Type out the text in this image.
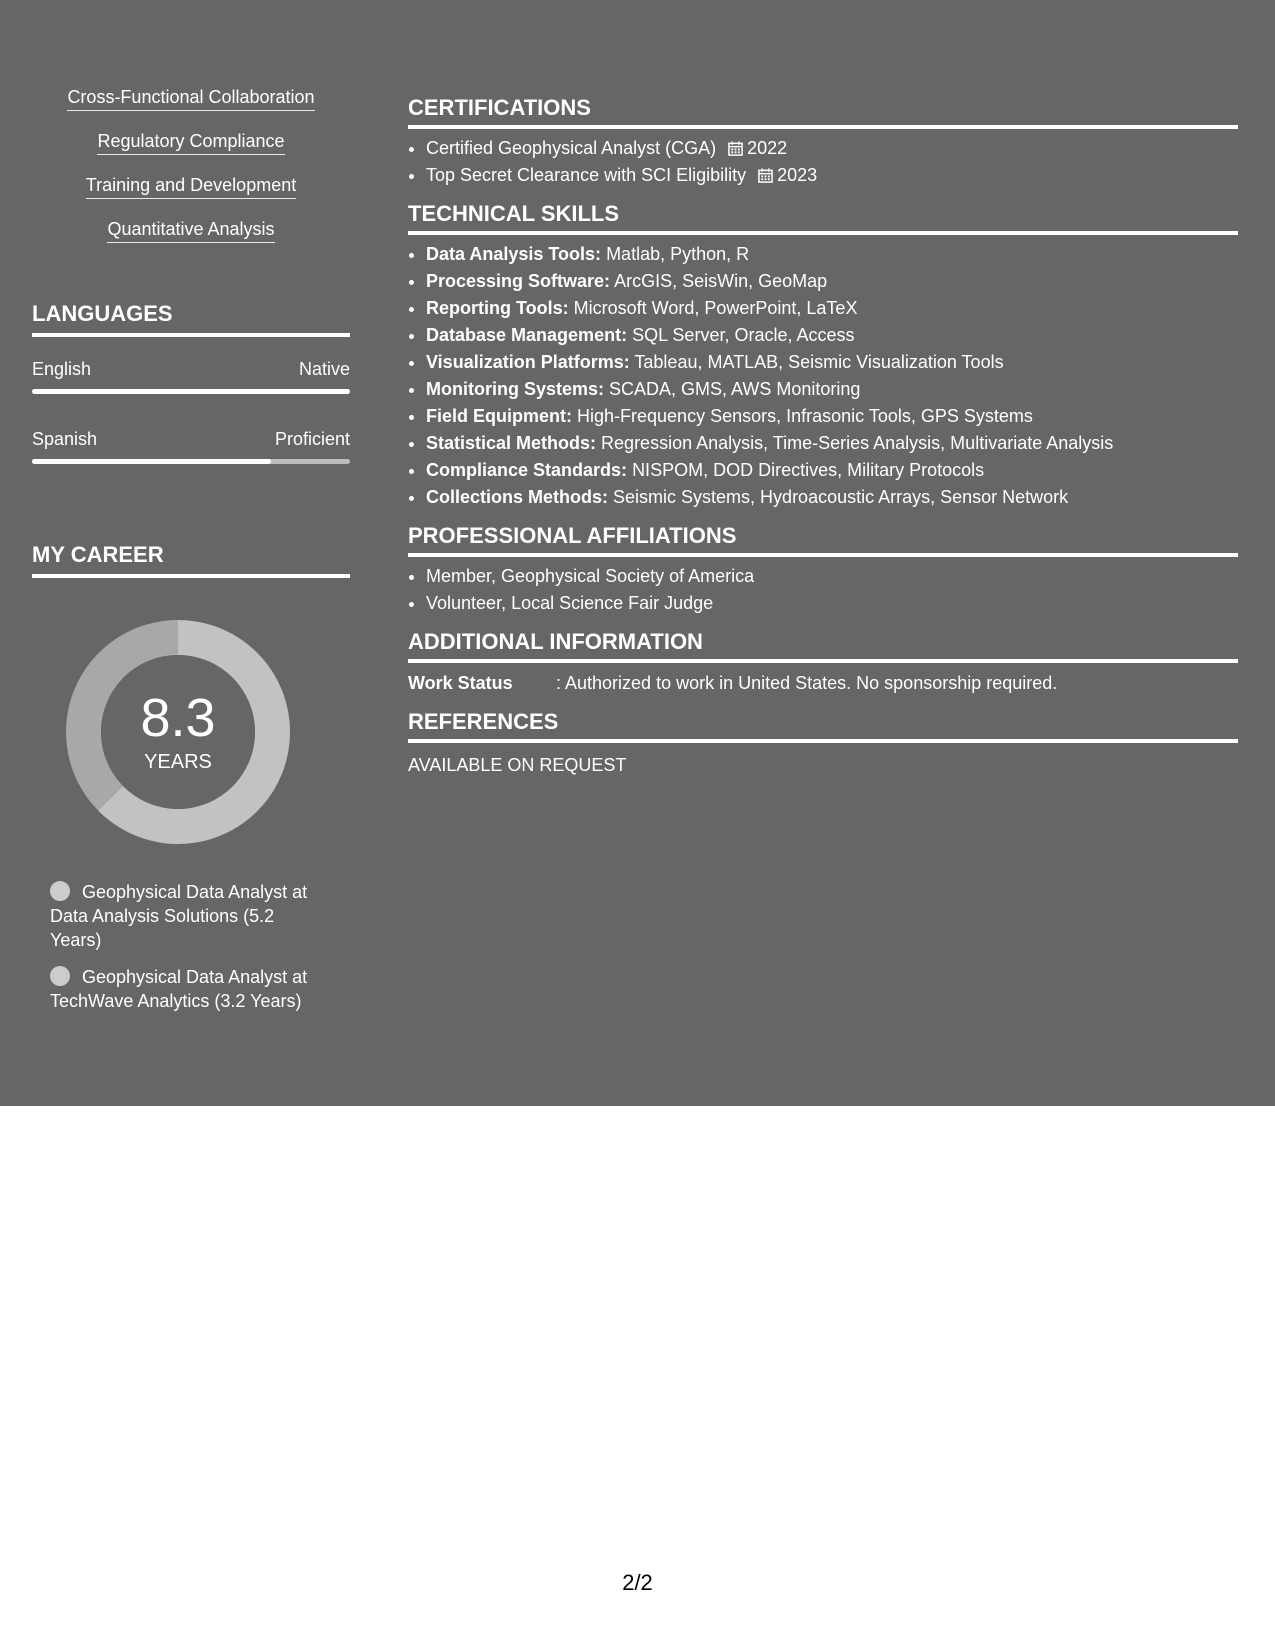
Cross-Functional Collaboration
Regulatory Compliance
Training and Development
Quantitative Analysis
LANGUAGES
English	Native
Spanish	Proficient
MY CAREER
8.3
YEARS
Geophysical Data Analyst at Data Analysis Solutions (5.2 Years)
Geophysical Data Analyst at TechWave Analytics (3.2 Years)
CERTIFICATIONS
• Certified Geophysical Analyst (CGA) 2022
• Top Secret Clearance with SCI Eligibility 2023
TECHNICAL SKILLS
• Data Analysis Tools: Matlab, Python, R
• Processing Software: ArcGIS, SeisWin, GeoMap
• Reporting Tools: Microsoft Word, PowerPoint, LaTeX
• Database Management: SQL Server, Oracle, Access
• Visualization Platforms: Tableau, MATLAB, Seismic Visualization Tools
• Monitoring Systems: SCADA, GMS, AWS Monitoring
• Field Equipment: High-Frequency Sensors, Infrasonic Tools, GPS Systems
• Statistical Methods: Regression Analysis, Time-Series Analysis, Multivariate Analysis
• Compliance Standards: NISPOM, DOD Directives, Military Protocols
• Collections Methods: Seismic Systems, Hydroacoustic Arrays, Sensor Network
PROFESSIONAL AFFILIATIONS
• Member, Geophysical Society of America
• Volunteer, Local Science Fair Judge
ADDITIONAL INFORMATION
Work Status : Authorized to work in United States. No sponsorship required.
REFERENCES
AVAILABLE ON REQUEST
2/2
